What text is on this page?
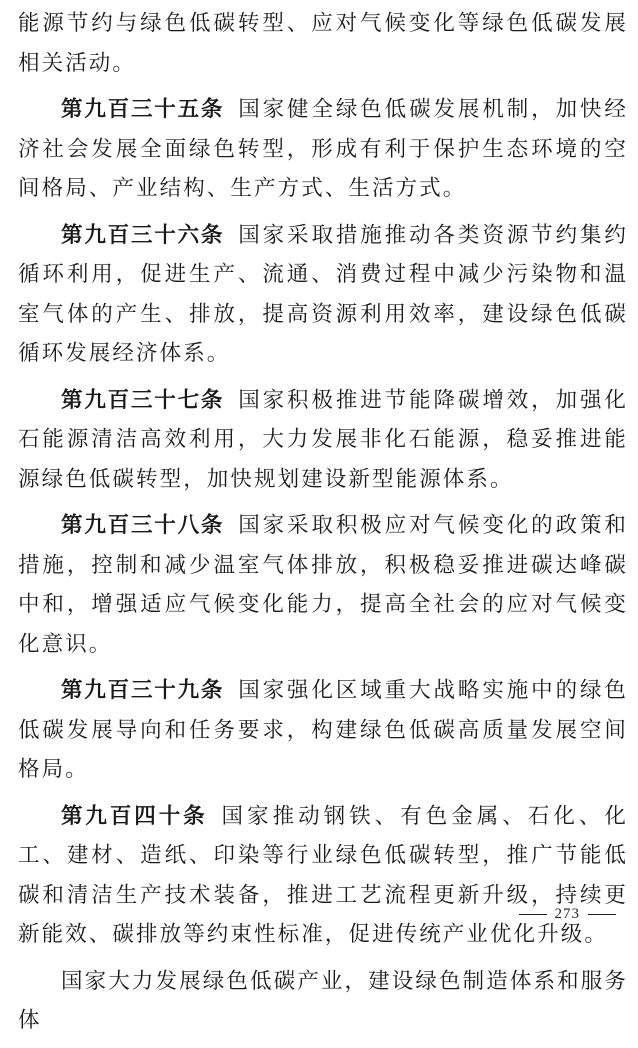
能源节约与绿色低碳转型、应对气候变化等绿色低碳发展相关活动。

第九百三十五条 国家健全绿色低碳发展机制，加快经济社会发展全面绿色转型，形成有利于保护生态环境的空间格局、产业结构、生产方式、生活方式。

第九百三十六条 国家采取措施推动各类资源节约集约循环利用，促进生产、流通、消费过程中减少污染物和温室气体的产生、排放，提高资源利用效率，建设绿色低碳循环发展经济体系。

第九百三十七条 国家积极推进节能降碳增效，加强化石能源清洁高效利用，大力发展非化石能源，稳妥推进能源绿色低碳转型，加快规划建设新型能源体系。

第九百三十八条 国家采取积极应对气候变化的政策和措施，控制和减少温室气体排放，积极稳妥推进碳达峰碳中和，增强适应气候变化能力，提高全社会的应对气候变化意识。

第九百三十九条 国家强化区域重大战略实施中的绿色低碳发展导向和任务要求，构建绿色低碳高质量发展空间格局。

第九百四十条 国家推动钢铁、有色金属、石化、化工、建材、造纸、印染等行业绿色低碳转型，推广节能低碳和清洁生产技术装备，推进工艺流程更新升级，持续更新能效、碳排放等约束性标准，促进传统产业优化升级。

国家大力发展绿色低碳产业，建设绿色制造体系和服务体

273
